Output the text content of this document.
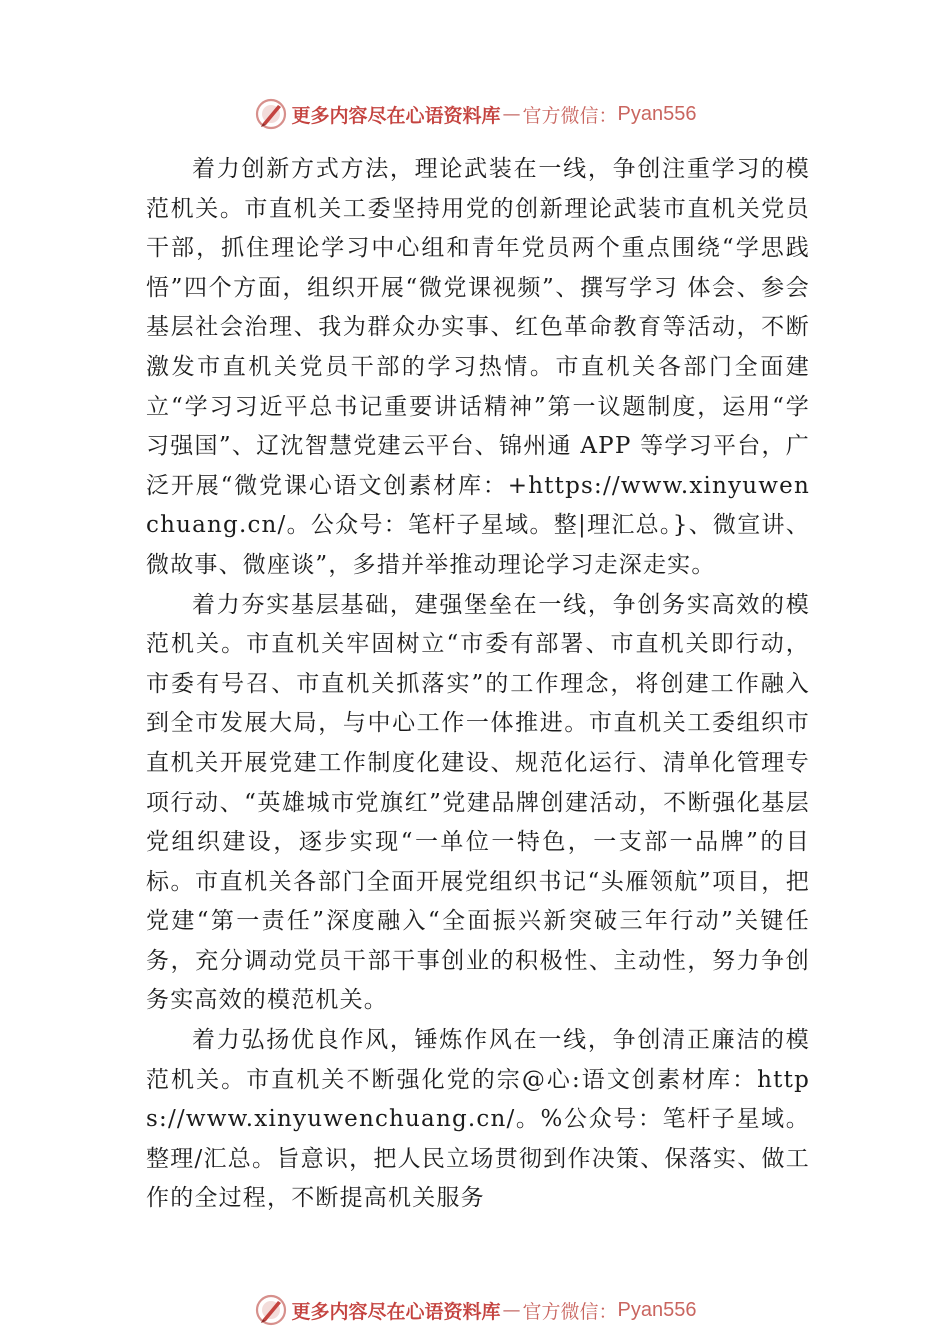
更多内容尽在心语资料库 — 官方微信： Pyan556

着力创新方式方法，理论武装在一线，争创注重学习的模范机关。市直机关工委坚持用党的创新理论武装市直机关党员干部，抓住理论学习中心组和青年党员两个重点围绕“学思践悟”四个方面，组织开展“微党课视频”、撰写学习 体会、参会基层社会治理、我为群众办实事、红色革命教育等活动，不断激发市直机关党员干部的学习热情。市直机关各部门全面建立“学习习近平总书记重要讲话精神”第一议题制度，运用“学习强国”、辽沈智慧党建云平台、锦州通 APP 等学习平台，广泛开展“微党课心语文创素材库：+https://www.xinyuwenchuang.cn/。公众号：笔杆子星域。整|理汇总。}、微宣讲、微故事、微座谈”，多措并举推动理论学习走深走实。

着力夯实基层基础，建强堡垒在一线，争创务实高效的模范机关。市直机关牢固树立“市委有部署、市直机关即行动，市委有号召、市直机关抓落实”的工作理念，将创建工作融入到全市发展大局，与中心工作一体推进。市直机关工委组织市直机关开展党建工作制度化建设、规范化运行、清单化管理专项行动、“英雄城市党旗红”党建品牌创建活动，不断强化基层党组织建设，逐步实现“一单位一特色，一支部一品牌”的目标。市直机关各部门全面开展党组织书记“头雁领航”项目，把党建“第一责任”深度融入“全面振兴新突破三年行动”关键任务，充分调动党员干部干事创业的积极性、主动性，努力争创务实高效的模范机关。

着力弘扬优良作风，锤炼作风在一线，争创清正廉洁的模范机关。市直机关不断强化党的宗@心:语文创素材库：https://www.xinyuwenchuang.cn/。%公众号：笔杆子星域。整理/汇总。旨意识，把人民立场贯彻到作决策、保落实、做工作的全过程，不断提高机关服务

更多内容尽在心语资料库 — 官方微信： Pyan556
